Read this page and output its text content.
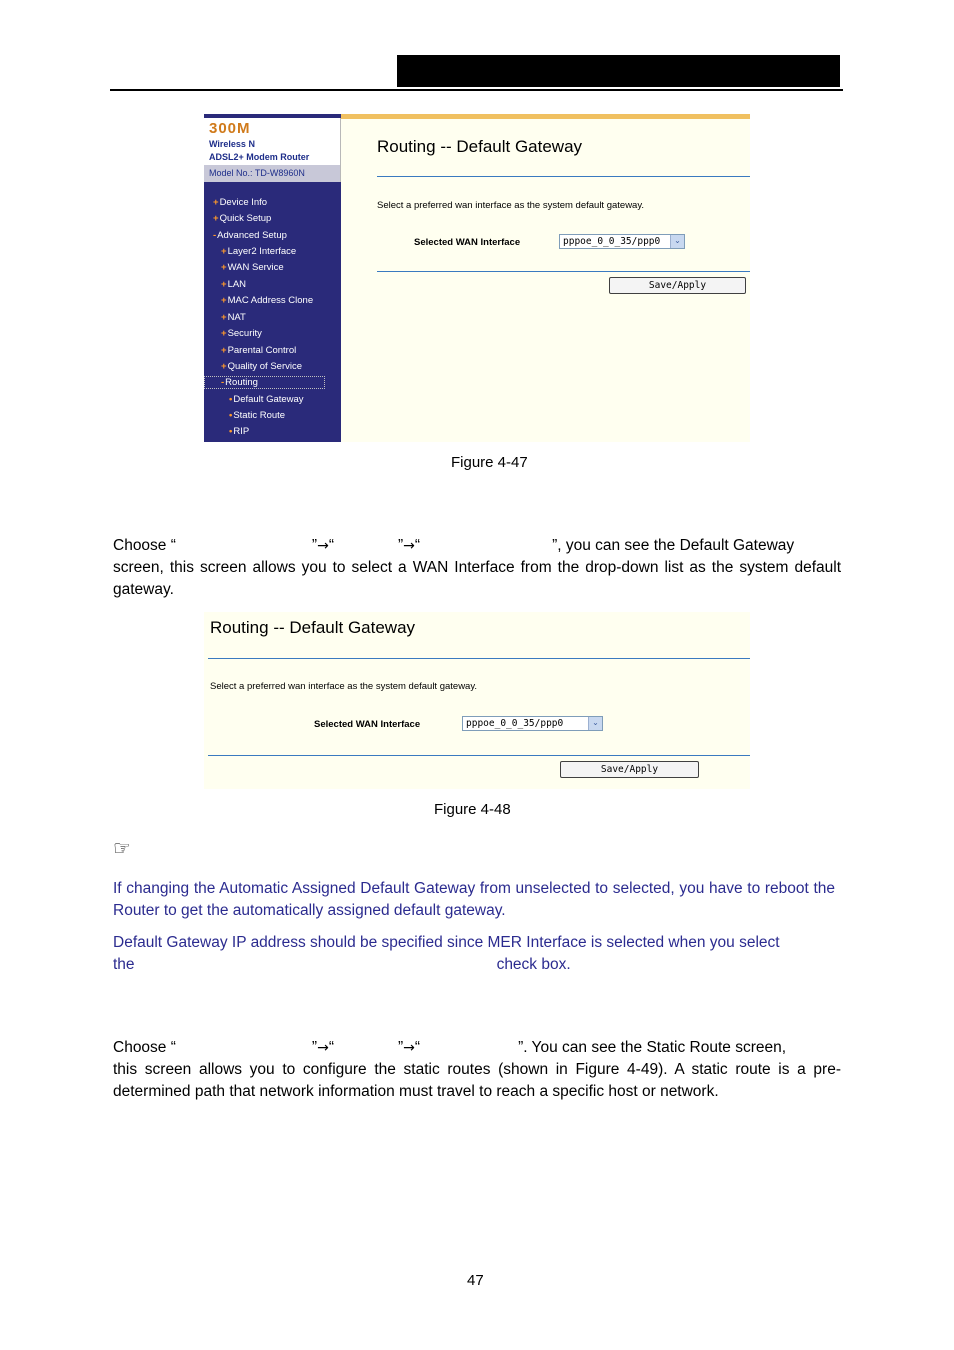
300M
Wireless N
ADSL2+ Modem Router
Model No.: TD-W8960N
+Device Info
+Quick Setup
-Advanced Setup
+Layer2 Interface
+WAN Service
+LAN
+MAC Address Clone
+NAT
+Security
+Parental Control
+Quality of Service
-Routing
•Default Gateway
•Static Route
•RIP
Routing -- Default Gateway
Select a preferred wan interface as the system default gateway.
Selected WAN Interface	pppoe_0_0_35/ppp0	⌄
Save/Apply
Figure 4-47
Choose “	”→“	”→“	”, you can see the Default Gateway
screen, this screen allows you to select a WAN Interface from the drop-down list as the system default gateway.
Routing -- Default Gateway
Select a preferred wan interface as the system default gateway.
Selected WAN Interface	pppoe_0_0_35/ppp0	⌄
Save/Apply
Figure 4-48
☞
If changing the Automatic Assigned Default Gateway from unselected to selected, you have to reboot the Router to get the automatically assigned default gateway.
Default Gateway IP address should be specified since MER Interface is selected when you select
the	check box.
Choose “	”→“	”→“	”. You can see the Static Route screen,
this screen allows you to configure the static routes (shown in Figure 4-49). A static route is a pre-determined path that network information must travel to reach a specific host or network.
47
